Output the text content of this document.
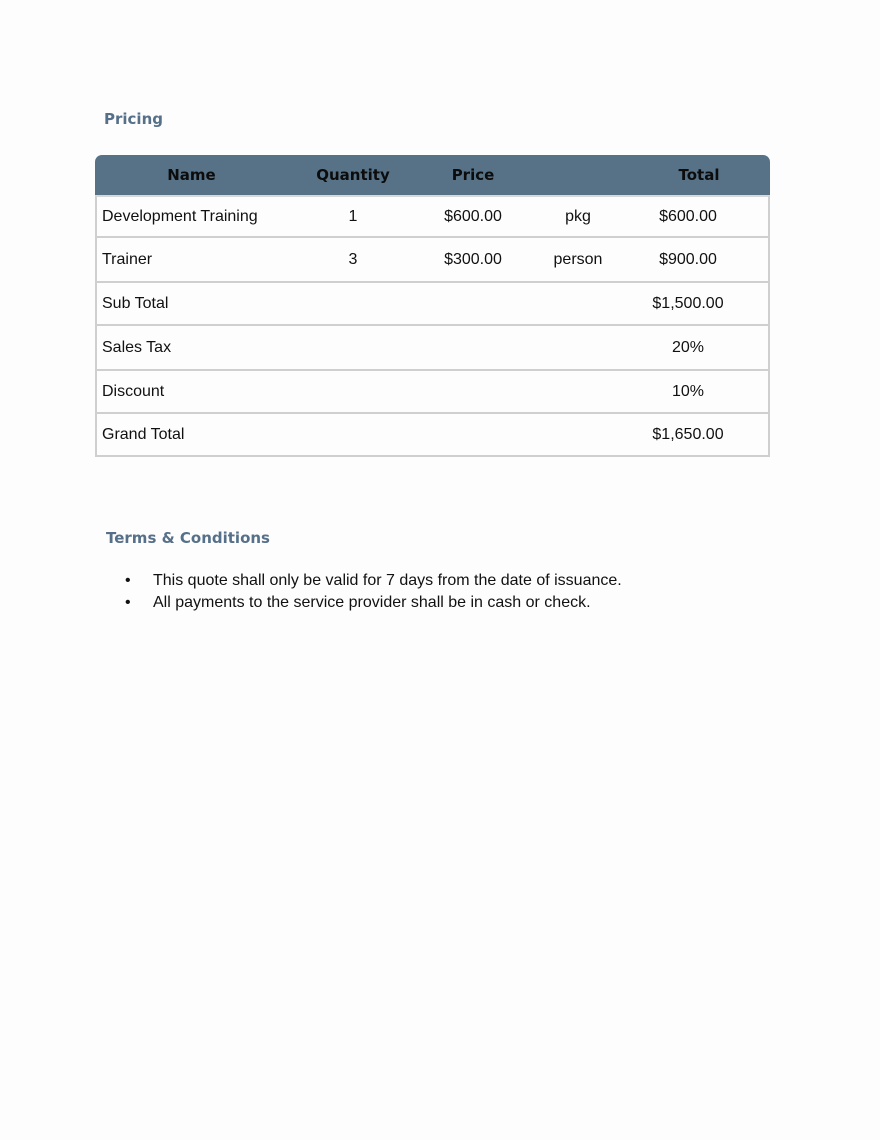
Pricing
Name	Quantity	Price		Total
Development Training	1	$600.00	pkg	$600.00
Trainer	3	$300.00	person	$900.00
Sub Total				$1,500.00
Sales Tax				20%
Discount				10%
Grand Total				$1,650.00
Terms & Conditions
• This quote shall only be valid for 7 days from the date of issuance.
• All payments to the service provider shall be in cash or check.
